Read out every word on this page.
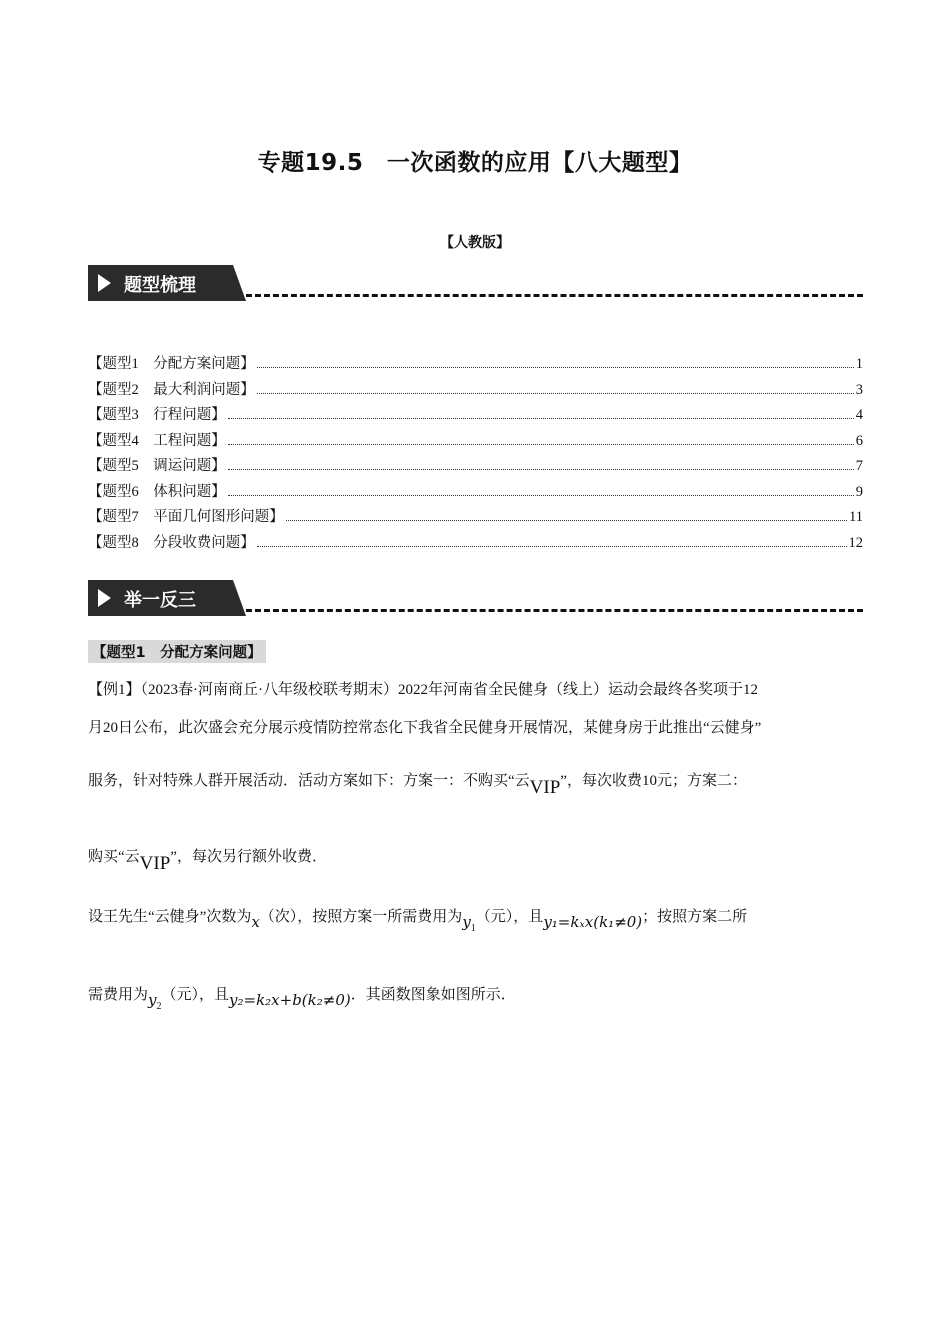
专题19.5　一次函数的应用【八大题型】
【人教版】
题型梳理
【题型1　分配方案问题】	1
【题型2　最大利润问题】	3
【题型3　行程问题】	4
【题型4　工程问题】	6
【题型5　调运问题】	7
【题型6　体积问题】	9
【题型7　平面几何图形问题】	11
【题型8　分段收费问题】	12
举一反三
【题型1　分配方案问题】
【例1】（2023春·河南商丘·八年级校联考期末）2022年河南省全民健身（线上）运动会最终各奖项于12
月20日公布，此次盛会充分展示疫情防控常态化下我省全民健身开展情况，某健身房于此推出“云健身”
服务，针对特殊人群开展活动．活动方案如下：方案一：不购买“云VIP”，每次收费10元；方案二：
购买“云VIP”，每次另行额外收费．
设王先生“云健身”次数为x（次），按照方案一所需费用为$y_1$（元），且y₁=kₓx(k₁≠0)；按照方案二所
需费用为$y_2$（元），且y₂=k₂x+b(k₂≠0)．其函数图象如图所示．
